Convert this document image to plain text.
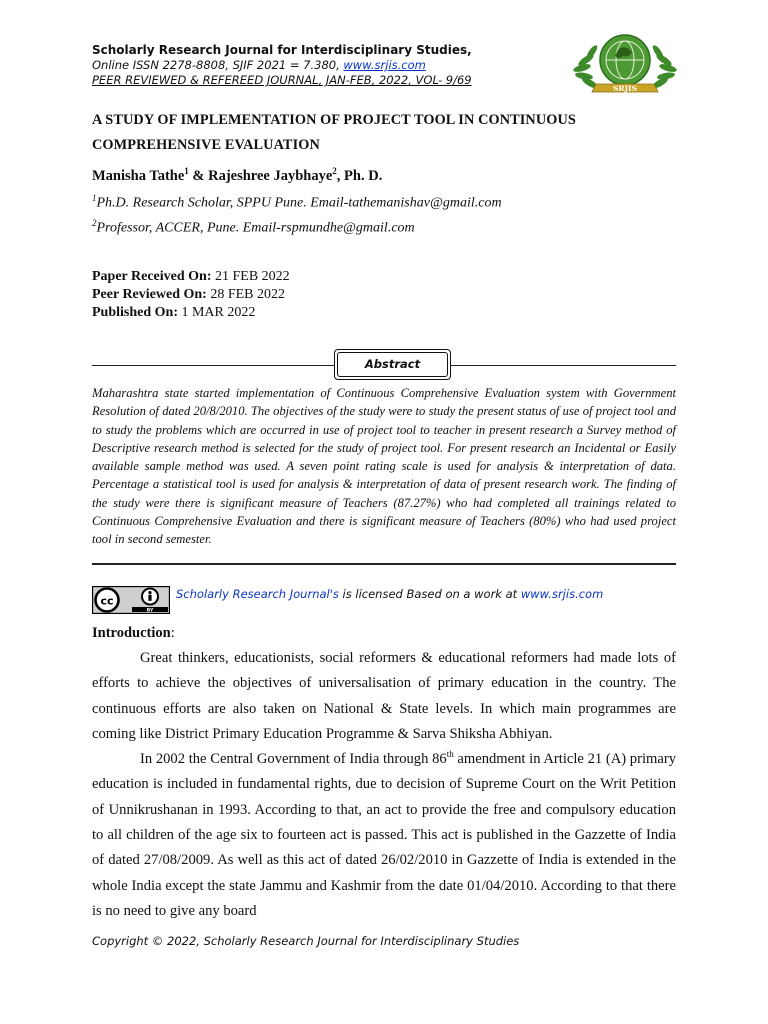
Scholarly Research Journal for Interdisciplinary Studies,
Online ISSN 2278-8808, SJIF 2021 = 7.380, www.srjis.com
PEER REVIEWED & REFEREED JOURNAL, JAN-FEB, 2022, VOL- 9/69
SRJIS
A STUDY OF IMPLEMENTATION OF PROJECT TOOL IN CONTINUOUS COMPREHENSIVE EVALUATION
Manisha Tathe$^1$ & Rajeshree Jaybhaye$^2$, Ph. D.
$^1$Ph.D. Research Scholar, SPPU Pune. Email-tathemanishav@gmail.com
$^2$Professor, ACCER, Pune. Email-rspmundhe@gmail.com
Paper Received On: 21 FEB 2022
Peer Reviewed On: 28 FEB 2022
Published On: 1 MAR 2022
Abstract
Maharashtra state started implementation of Continuous Comprehensive Evaluation system with Government Resolution of dated 20/8/2010. The objectives of the study were to study the present status of use of project tool and to study the problems which are occurred in use of project tool to teacher in present research a Survey method of Descriptive research method is selected for the study of project tool. For present research an Incidental or Easily available sample method was used. A seven point rating scale is used for analysis & interpretation of data. Percentage a statistical tool is used for analysis & interpretation of data of present research work. The finding of the study were there is significant measure of Teachers (87.27%) who had completed all trainings related to Continuous Comprehensive Evaluation and there is significant measure of Teachers (80%) who had used project tool in second semester.
cc
BY
Scholarly Research Journal's is licensed Based on a work at www.srjis.com
Introduction:

Great thinkers, educationists, social reformers & educational reformers had made lots of efforts to achieve the objectives of universalisation of primary education in the country. The continuous efforts are also taken on National & State levels. In which main programmes are coming like District Primary Education Programme & Sarva Shiksha Abhiyan.

In 2002 the Central Government of India through 86th amendment in Article 21 (A) primary education is included in fundamental rights, due to decision of Supreme Court on the Writ Petition of Unnikrushanan in 1993. According to that, an act to provide the free and compulsory education to all children of the age six to fourteen act is passed. This act is published in the Gazzette of India of dated 27/08/2009. As well as this act of dated 26/02/2010 in Gazzette of India is extended in the whole India except the state Jammu and Kashmir from the date 01/04/2010. According to that there is no need to give any board

Copyright © 2022, Scholarly Research Journal for Interdisciplinary Studies
